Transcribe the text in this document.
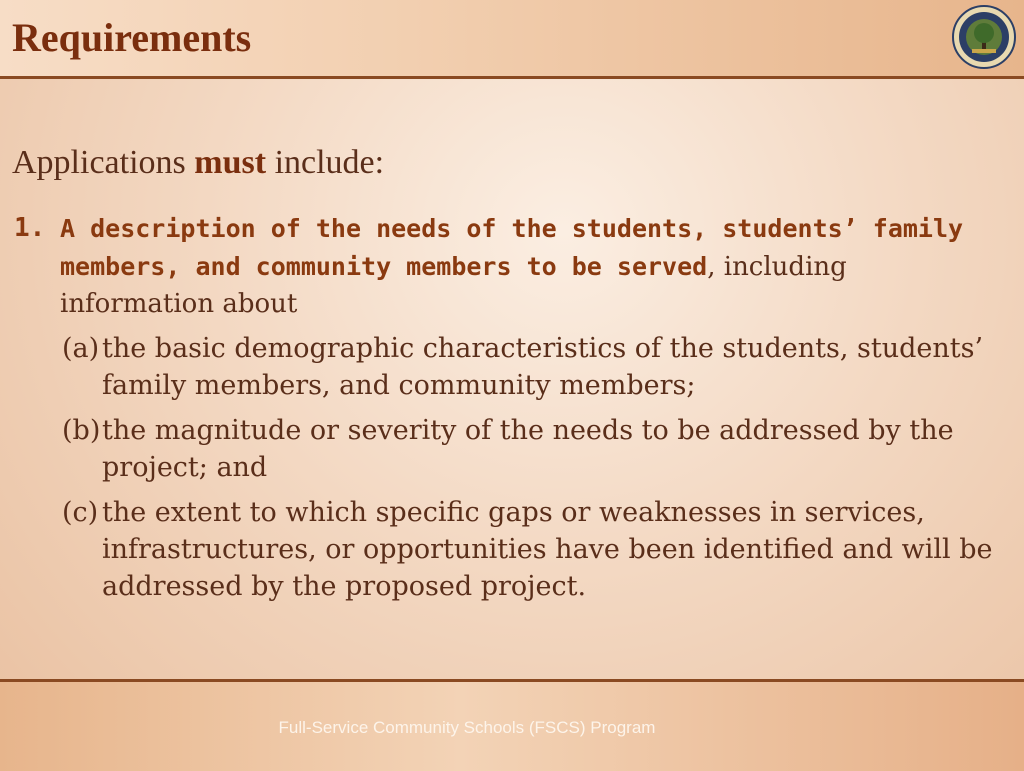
Requirements
Applications must include:
1. A description of the needs of the students, students’ family members, and community members to be served, including information about
(a) the basic demographic characteristics of the students, students’ family members, and community members;
(b) the magnitude or severity of the needs to be addressed by the project; and
(c) the extent to which specific gaps or weaknesses in services, infrastructures, or opportunities have been identified and will be addressed by the proposed project.
Full-Service Community Schools (FSCS) Program
